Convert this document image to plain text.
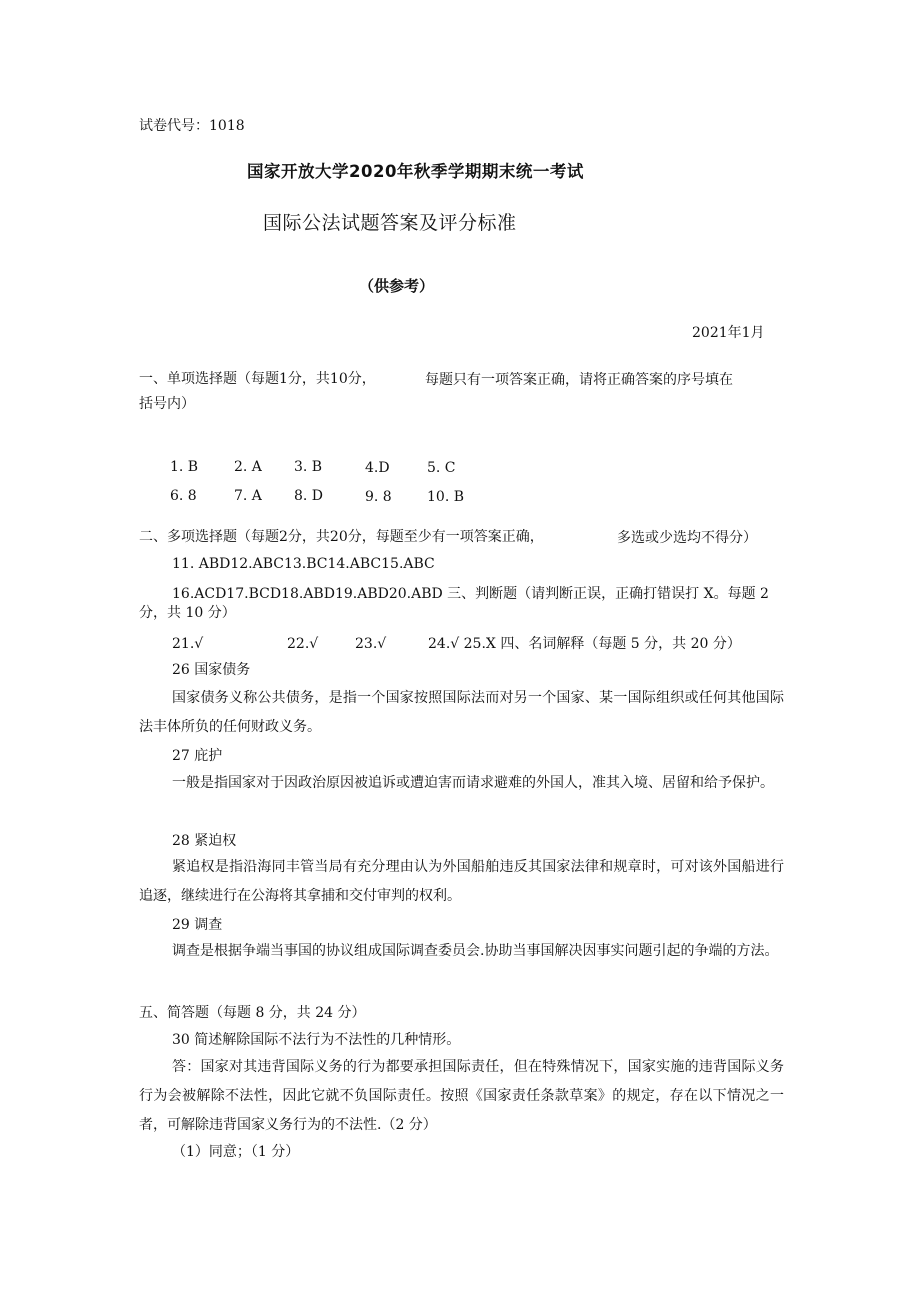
试卷代号：1018
国家开放大学2020年秋季学期期末统一考试
国际公法试题答案及评分标准
（供参考）
2021年1月
一、单项选择题（每题1分，共10分，	每题只有一项答案正确，请将正确答案的序号填在
括号内）
1. B	2. A 3. B	4.D	5. C
6. 8	7. A 8. D	9. 8	10. B
二、多项选择题（每题2分，共20分，每题至少有一项答案正确，	多选或少选均不得分）
11. ABD12.ABC13.BC14.ABC15.ABC
16.ACD17.BCD18.ABD19.ABD20.ABD 三、判断题（请判断正误，正确打错误打 X。每题 2
分，共 10 分）
21.√	22.√	23.√	24.√ 25.X 四、名词解释（每题 5 分，共 20 分）
26 国家债务
国家债务义称公共债务，是指一个国家按照国际法而对另一个国家、某一国际组织或任何其他国际法丰体所负的任何财政义务。
27 庇护
一般是指国家对于因政治原因被追诉或遭迫害而请求避难的外国人，准其入境、居留和给予保护。
28 紧迫权
紧追权是指沿海同丰管当局有充分理由认为外国船舶违反其国家法律和规章时，可对该外国船进行追逐，继续进行在公海将其拿捕和交付审判的权利。
29 调查
调查是根据争端当事国的协议组成国际调查委员会.协助当事国解决因事实问题引起的争端的方法。
五、简答题（每题 8 分，共 24 分）
30 简述解除国际不法行为不法性的几种情形。
答：国家对其违背国际义务的行为都要承担国际责任，但在特殊情况下，国家实施的违背国际义务行为会被解除不法性，因此它就不负国际责任。按照《国家责任条款草案》的规定，存在以下情况之一者，可解除违背国家义务行为的不法性.（2 分）
（1）同意；（1 分）
